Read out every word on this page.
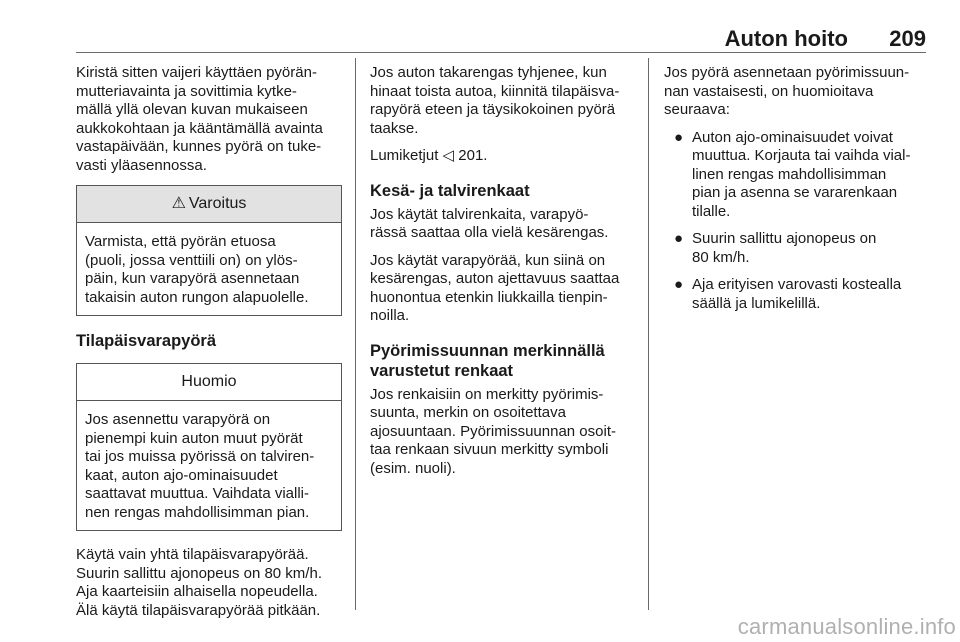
Auton hoito 209
Kiristä sitten vaijeri käyttäen pyörän-
mutteriavainta ja sovittimia kytke-
mällä yllä olevan kuvan mukaiseen
aukkokohtaan ja kääntämällä avainta
vastapäivään, kunnes pyörä on tuke-
vasti yläasennossa.
⚠ Varoitus
Varmista, että pyörän etuosa
(puoli, jossa venttiili on) on ylös-
päin, kun varapyörä asennetaan
takaisin auton rungon alapuolelle.
Tilapäisvarapyörä
Huomio
Jos asennettu varapyörä on
pienempi kuin auton muut pyörät
tai jos muissa pyörissä on talviren-
kaat, auton ajo-ominaisuudet
saattavat muuttua. Vaihdata vialli-
nen rengas mahdollisimman pian.
Käytä vain yhtä tilapäisvarapyörää.
Suurin sallittu ajonopeus on 80 km/h.
Aja kaarteisiin alhaisella nopeudella.
Älä käytä tilapäisvarapyörää pitkään.
Jos auton takarengas tyhjenee, kun
hinaat toista autoa, kiinnitä tilapäisva-
rapyörä eteen ja täysikokoinen pyörä
taakse.
Lumiketjut ◁ 201.
Kesä- ja talvirenkaat
Jos käytät talvirenkaita, varapyö-
rässä saattaa olla vielä kesärengas.
Jos käytät varapyörää, kun siinä on
kesärengas, auton ajettavuus saattaa
huonontua etenkin liukkailla tienpin-
noilla.
Pyörimissuunnan merkinnällä
varustetut renkaat
Jos renkaisiin on merkitty pyörimis-
suunta, merkin on osoitettava
ajosuuntaan. Pyörimissuunnan osoit-
taa renkaan sivuun merkitty symboli
(esim. nuoli).
Jos pyörä asennetaan pyörimissuun-
nan vastaisesti, on huomioitava
seuraava:
● Auton ajo-ominaisuudet voivat
muuttua. Korjauta tai vaihda vial-
linen rengas mahdollisimman
pian ja asenna se vararenkaan
tilalle.
● Suurin sallittu ajonopeus on
80 km/h.
● Aja erityisen varovasti kostealla
säällä ja lumikelillä.
carmanualsonline.info
